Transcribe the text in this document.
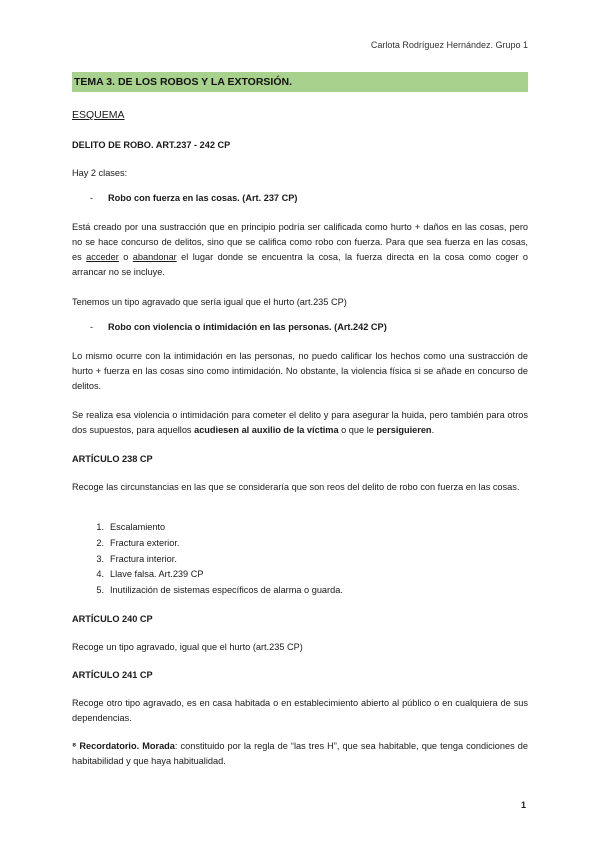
Carlota Rodríguez Hernández. Grupo 1
TEMA 3. DE LOS ROBOS Y LA EXTORSIÓN.
ESQUEMA
DELITO DE ROBO. ART.237 - 242 CP
Hay 2 clases:
- Robo con fuerza en las cosas. (Art. 237 CP)
Está creado por una sustracción que en principio podría ser calificada como hurto + daños en las cosas, pero no se hace concurso de delitos, sino que se califica como robo con fuerza. Para que sea fuerza en las cosas, es acceder o abandonar el lugar donde se encuentra la cosa, la fuerza directa en la cosa como coger o arrancar no se incluye.
Tenemos un tipo agravado que sería igual que el hurto (art.235 CP)
- Robo con violencia o intimidación en las personas. (Art.242 CP)
Lo mismo ocurre con la intimidación en las personas, no puedo calificar los hechos como una sustracción de hurto + fuerza en las cosas sino como intimidación. No obstante, la violencia física si se añade en concurso de delitos.
Se realiza esa violencia o intimidación para cometer el delito y para asegurar la huida, pero también para otros dos supuestos, para aquellos acudiesen al auxilio de la víctima o que le persiguieren.
ARTÍCULO 238 CP
Recoge las circunstancias en las que se consideraría que son reos del delito de robo con fuerza en las cosas.
1. Escalamiento
2. Fractura exterior.
3. Fractura interior.
4. Llave falsa. Art.239 CP
5. Inutilización de sistemas específicos de alarma o guarda.
ARTÍCULO 240 CP
Recoge un tipo agravado, igual que el hurto (art.235 CP)
ARTÍCULO 241 CP
Recoge otro tipo agravado, es en casa habitada o en establecimiento abierto al público o en cualquiera de sus dependencias.
⁸ Recordatorio. Morada: constituido por la regla de “las tres H”, que sea habitable, que tenga condiciones de habitabilidad y que haya habitualidad.
1
